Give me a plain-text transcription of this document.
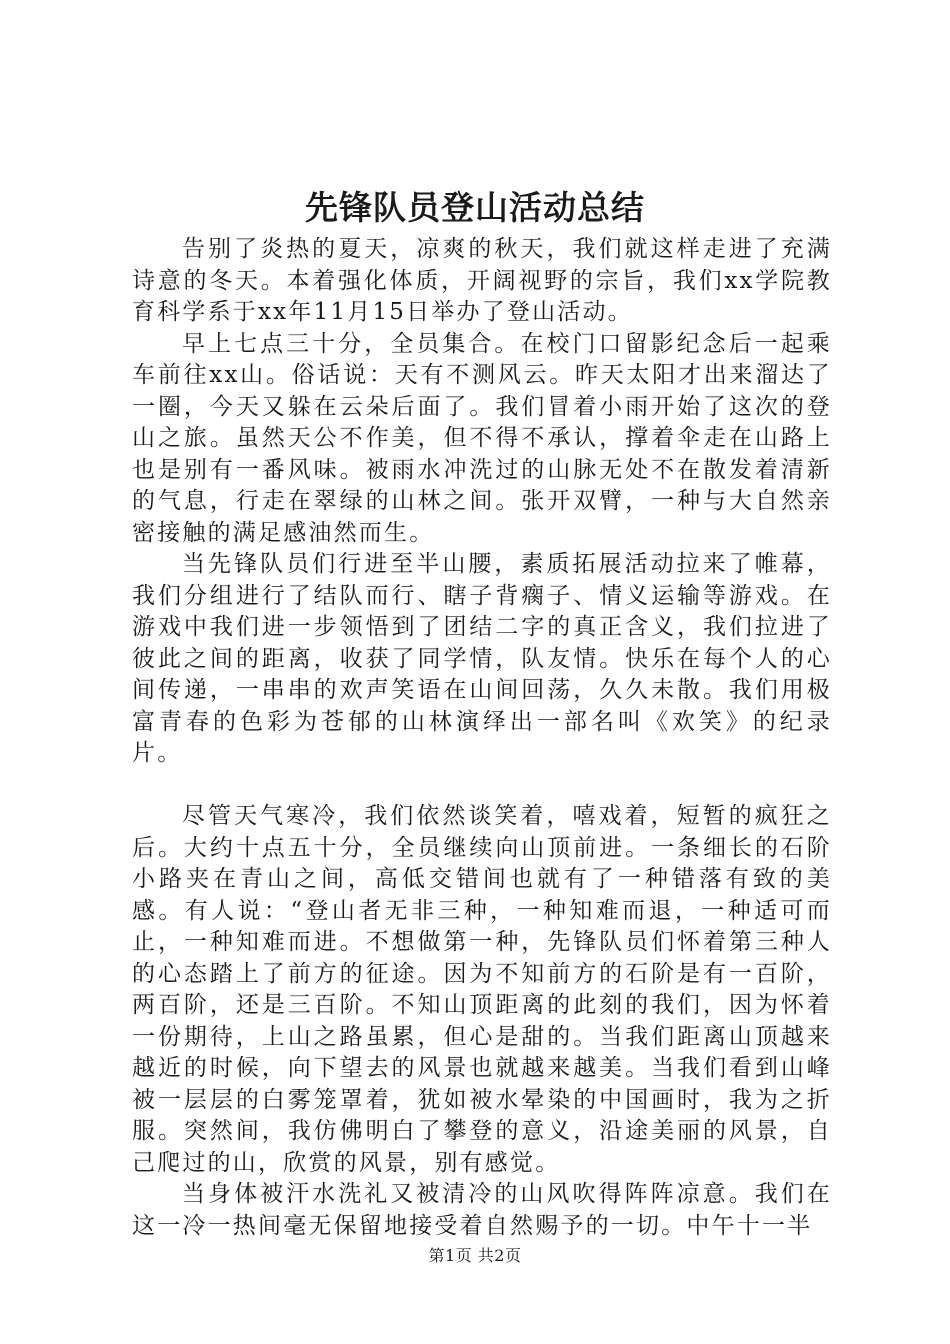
先锋队员登山活动总结

告别了炎热的夏天，凉爽的秋天，我们就这样走进了充满诗意的冬天。本着强化体质，开阔视野的宗旨，我们xx学院教育科学系于xx年11月15日举办了登山活动。

早上七点三十分，全员集合。在校门口留影纪念后一起乘车前往xx山。俗话说：天有不测风云。昨天太阳才出来溜达了一圈，今天又躲在云朵后面了。我们冒着小雨开始了这次的登山之旅。虽然天公不作美，但不得不承认，撑着伞走在山路上也是别有一番风味。被雨水冲洗过的山脉无处不在散发着清新的气息，行走在翠绿的山林之间。张开双臂，一种与大自然亲密接触的满足感油然而生。

当先锋队员们行进至半山腰，素质拓展活动拉来了帷幕，我们分组进行了结队而行、瞎子背瘸子、情义运输等游戏。在游戏中我们进一步领悟到了团结二字的真正含义，我们拉进了彼此之间的距离，收获了同学情，队友情。快乐在每个人的心间传递，一串串的欢声笑语在山间回荡，久久未散。我们用极富青春的色彩为苍郁的山林演绎出一部名叫《欢笑》的纪录片。

尽管天气寒冷，我们依然谈笑着，嘻戏着，短暂的疯狂之后。大约十点五十分，全员继续向山顶前进。一条细长的石阶小路夹在青山之间，高低交错间也就有了一种错落有致的美感。有人说：“登山者无非三种，一种知难而退，一种适可而止，一种知难而进。不想做第一种，先锋队员们怀着第三种人的心态踏上了前方的征途。因为不知前方的石阶是有一百阶，两百阶，还是三百阶。不知山顶距离的此刻的我们，因为怀着一份期待，上山之路虽累，但心是甜的。当我们距离山顶越来越近的时候，向下望去的风景也就越来越美。当我们看到山峰被一层层的白雾笼罩着，犹如被水晕染的中国画时，我为之折服。突然间，我仿佛明白了攀登的意义，沿途美丽的风景，自己爬过的山，欣赏的风景，别有感觉。

当身体被汗水洗礼又被清冷的山风吹得阵阵凉意。我们在这一冷一热间毫无保留地接受着自然赐予的一切。中午十一半

第1页 共2页
